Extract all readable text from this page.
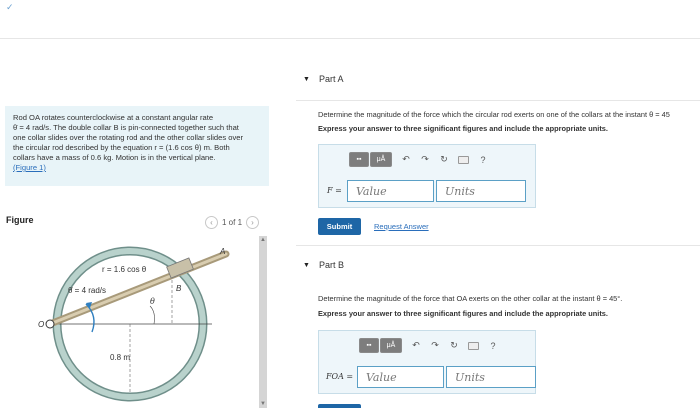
✓
Rod OA rotates counterclockwise at a constant angular rate
θ̇ = 4 rad/s. The double collar B is pin-connected together such that
one collar slides over the rotating rod and the other collar slides over
the circular rod described by the equation r = (1.6 cos θ) m. Both
collars have a mass of 0.6 kg. Motion is in the vertical plane.
(Figure 1)
Figure	‹	1 of 1	›
r = 1.6 cos θ
θ̇ = 4 rad/s
A
B
O
θ
0.8 m
▲
▼
▼ Part A
Determine the magnitude of the force which the circular rod exerts on one of the collars at the instant θ = 45
Express your answer to three significant figures and include the appropriate units.
▪▪	μÅ	↶ ↷ ↻	?
F =	Value	Units
Submit	Request Answer
▼ Part B
Determine the magnitude of the force that OA exerts on the other collar at the instant θ = 45°.
Express your answer to three significant figures and include the appropriate units.
▪▪	μÅ	↶ ↷ ↻	?
FOA =	Value	Units
